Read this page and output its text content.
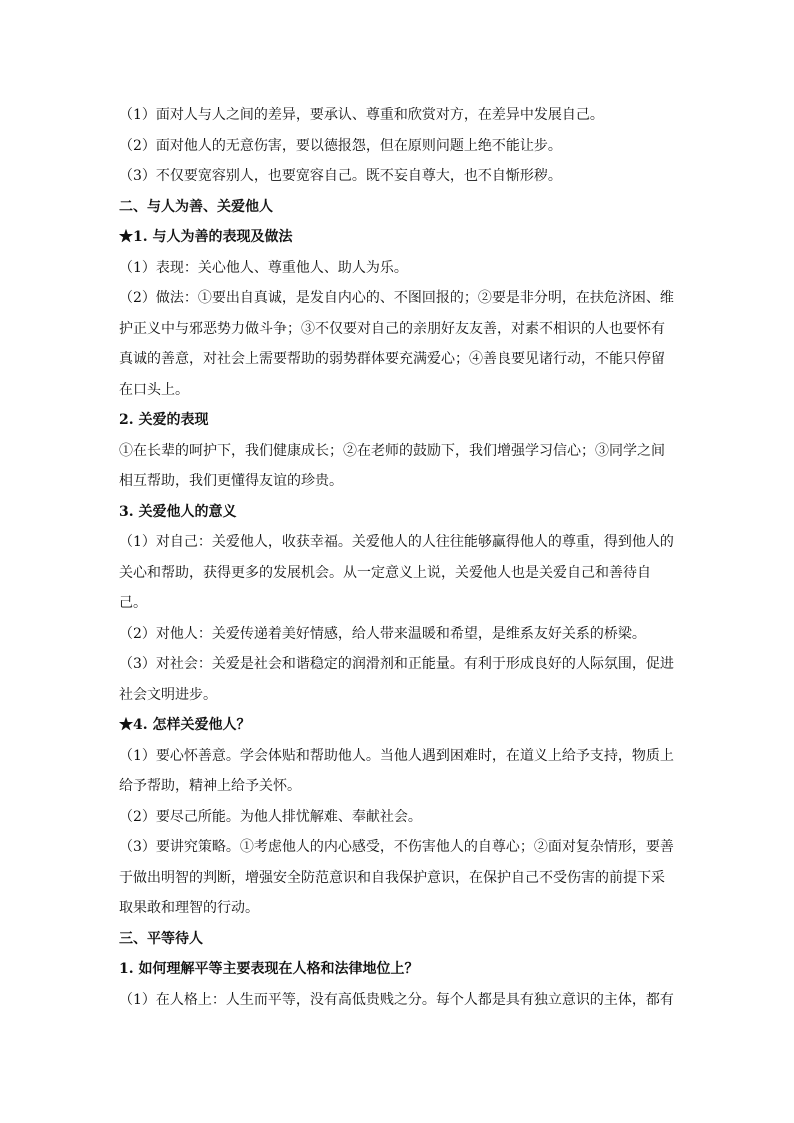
（1）面对人与人之间的差异，要承认、尊重和欣赏对方，在差异中发展自己。
（2）面对他人的无意伤害，要以德报怨，但在原则问题上绝不能让步。
（3）不仅要宽容别人，也要宽容自己。既不妄自尊大，也不自惭形秽。
二、与人为善、关爱他人
★1. 与人为善的表现及做法
（1）表现：关心他人、尊重他人、助人为乐。
（2）做法：①要出自真诚，是发自内心的、不图回报的；②要是非分明，在扶危济困、维
护正义中与邪恶势力做斗争；③不仅要对自己的亲朋好友友善，对素不相识的人也要怀有
真诚的善意，对社会上需要帮助的弱势群体要充满爱心；④善良要见诸行动，不能只停留
在口头上。
2. 关爱的表现
①在长辈的呵护下，我们健康成长；②在老师的鼓励下，我们增强学习信心；③同学之间
相互帮助，我们更懂得友谊的珍贵。
3. 关爱他人的意义
（1）对自己：关爱他人，收获幸福。关爱他人的人往往能够赢得他人的尊重，得到他人的
关心和帮助，获得更多的发展机会。从一定意义上说，关爱他人也是关爱自己和善待自
己。
（2）对他人：关爱传递着美好情感，给人带来温暖和希望，是维系友好关系的桥梁。
（3）对社会：关爱是社会和谐稳定的润滑剂和正能量。有利于形成良好的人际氛围，促进
社会文明进步。
★4. 怎样关爱他人？
（1）要心怀善意。学会体贴和帮助他人。当他人遇到困难时，在道义上给予支持，物质上
给予帮助，精神上给予关怀。
（2）要尽己所能。为他人排忧解难、奉献社会。
（3）要讲究策略。①考虑他人的内心感受，不伤害他人的自尊心；②面对复杂情形，要善
于做出明智的判断，增强安全防范意识和自我保护意识，在保护自己不受伤害的前提下采
取果敢和理智的行动。
三、平等待人
1. 如何理解平等主要表现在人格和法律地位上？
（1）在人格上：人生而平等，没有高低贵贱之分。每个人都是具有独立意识的主体，都有
